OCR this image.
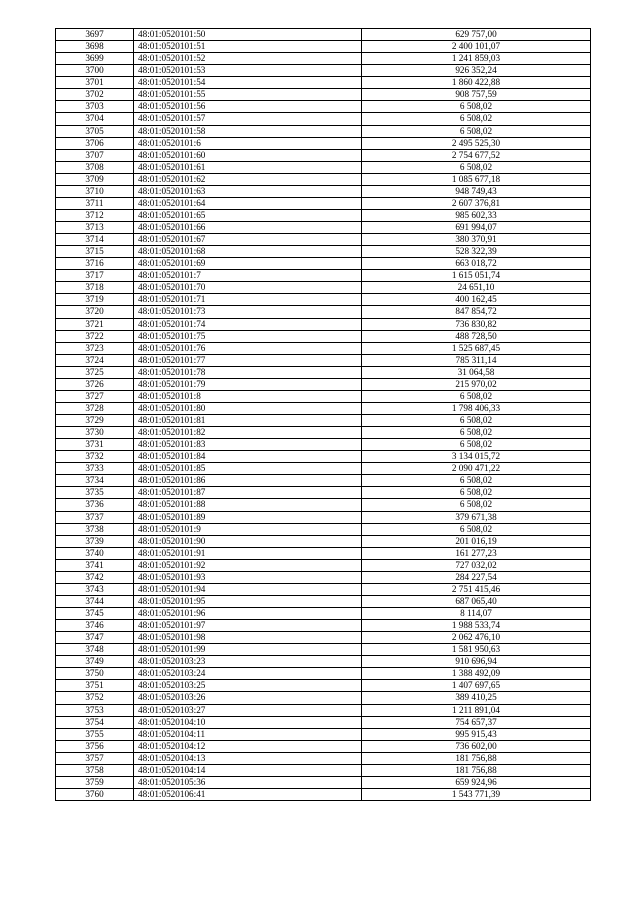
3697	48:01:0520101:50	629 757,00
3698	48:01:0520101:51	2 400 101,07
3699	48:01:0520101:52	1 241 859,03
3700	48:01:0520101:53	926 352,24
3701	48:01:0520101:54	1 860 422,88
3702	48:01:0520101:55	908 757,59
3703	48:01:0520101:56	6 508,02
3704	48:01:0520101:57	6 508,02
3705	48:01:0520101:58	6 508,02
3706	48:01:0520101:6	2 495 525,30
3707	48:01:0520101:60	2 754 677,52
3708	48:01:0520101:61	6 508,02
3709	48:01:0520101:62	1 085 677,18
3710	48:01:0520101:63	948 749,43
3711	48:01:0520101:64	2 607 376,81
3712	48:01:0520101:65	985 602,33
3713	48:01:0520101:66	691 994,07
3714	48:01:0520101:67	380 370,91
3715	48:01:0520101:68	528 322,39
3716	48:01:0520101:69	663 018,72
3717	48:01:0520101:7	1 615 051,74
3718	48:01:0520101:70	24 651,10
3719	48:01:0520101:71	400 162,45
3720	48:01:0520101:73	847 854,72
3721	48:01:0520101:74	736 830,82
3722	48:01:0520101:75	488 728,50
3723	48:01:0520101:76	1 525 687,45
3724	48:01:0520101:77	785 311,14
3725	48:01:0520101:78	31 064,58
3726	48:01:0520101:79	215 970,02
3727	48:01:0520101:8	6 508,02
3728	48:01:0520101:80	1 798 406,33
3729	48:01:0520101:81	6 508,02
3730	48:01:0520101:82	6 508,02
3731	48:01:0520101:83	6 508,02
3732	48:01:0520101:84	3 134 015,72
3733	48:01:0520101:85	2 090 471,22
3734	48:01:0520101:86	6 508,02
3735	48:01:0520101:87	6 508,02
3736	48:01:0520101:88	6 508,02
3737	48:01:0520101:89	379 671,38
3738	48:01:0520101:9	6 508,02
3739	48:01:0520101:90	201 016,19
3740	48:01:0520101:91	161 277,23
3741	48:01:0520101:92	727 032,02
3742	48:01:0520101:93	284 227,54
3743	48:01:0520101:94	2 751 415,46
3744	48:01:0520101:95	687 065,40
3745	48:01:0520101:96	8 114,07
3746	48:01:0520101:97	1 988 533,74
3747	48:01:0520101:98	2 062 476,10
3748	48:01:0520101:99	1 581 950,63
3749	48:01:0520103:23	910 696,94
3750	48:01:0520103:24	1 388 492,09
3751	48:01:0520103:25	1 407 697,65
3752	48:01:0520103:26	389 410,25
3753	48:01:0520103:27	1 211 891,04
3754	48:01:0520104:10	754 657,37
3755	48:01:0520104:11	995 915,43
3756	48:01:0520104:12	736 602,00
3757	48:01:0520104:13	181 756,88
3758	48:01:0520104:14	181 756,88
3759	48:01:0520105:36	659 924,96
3760	48:01:0520106:41	1 543 771,39
